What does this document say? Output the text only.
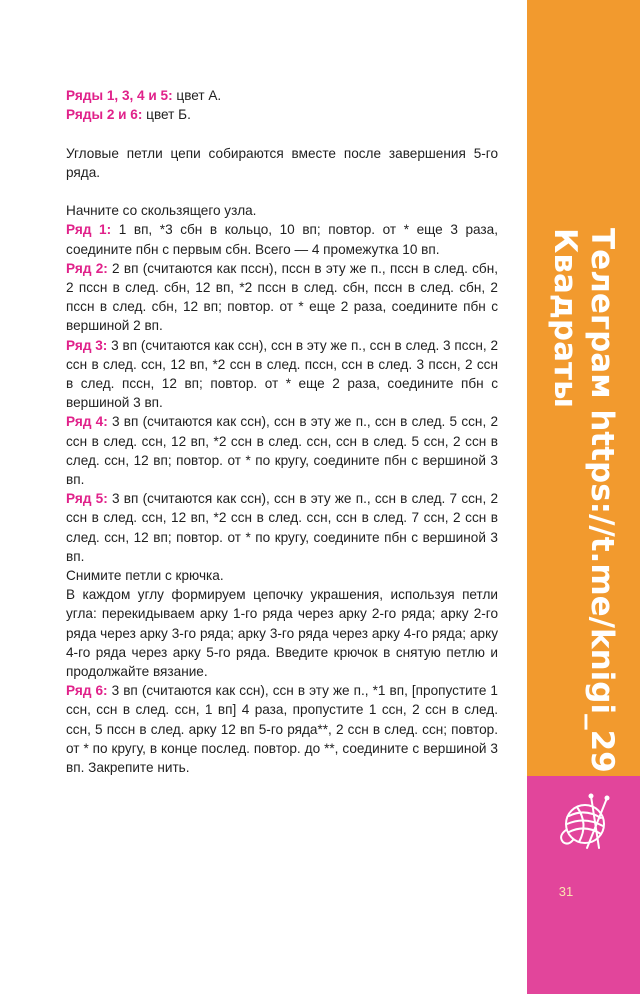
Ряды 1, 3, 4 и 5: цвет А.

Ряды 2 и 6: цвет Б.

Угловые петли цепи собираются вместе после завершения 5-го ряда.

Начните со скользящего узла.

Ряд 1: 1 вп, *3 сбн в кольцо, 10 вп; повтор. от * еще 3 раза, соедините пбн с первым сбн. Всего — 4 промежутка 10 вп.

Ряд 2: 2 вп (считаются как пссн), пссн в эту же п., пссн в след. сбн, 2 пссн в след. сбн, 12 вп, *2 пссн в след. сбн, пссн в след. сбн, 2 пссн в след. сбн, 12 вп; повтор. от * еще 2 раза, соедините пбн с вершиной 2 вп.

Ряд 3: 3 вп (считаются как ссн), ссн в эту же п., ссн в след. 3 пссн, 2 ссн в след. ссн, 12 вп, *2 ссн в след. пссн, ссн в след. 3 пссн, 2 ссн в след. пссн, 12 вп; повтор. от * еще 2 раза, соедините пбн с вершиной 3 вп.

Ряд 4: 3 вп (считаются как ссн), ссн в эту же п., ссн в след. 5 ссн, 2 ссн в след. ссн, 12 вп, *2 ссн в след. ссн, ссн в след. 5 ссн, 2 ссн в след. ссн, 12 вп; повтор. от * по кругу, соедините пбн с вершиной 3 вп.

Ряд 5: 3 вп (считаются как ссн), ссн в эту же п., ссн в след. 7 ссн, 2 ссн в след. ссн, 12 вп, *2 ссн в след. ссн, ссн в след. 7 ссн, 2 ссн в след. ссн, 12 вп; повтор. от * по кругу, соедините пбн с вершиной 3 вп.

Снимите петли с крючка.

В каждом углу формируем цепочку украшения, используя петли угла: перекидываем арку 1-го ряда через арку 2-го ряда; арку 2-го ряда через арку 3-го ряда; арку 3-го ряда через арку 4-го ряда; арку 4-го ряда через арку 5-го ряда. Введите крючок в снятую петлю и продолжайте вязание.

Ряд 6: 3 вп (считаются как ссн), ссн в эту же п., *1 вп, [пропустите 1 ссн, ссн в след. ссн, 1 вп] 4 раза, пропустите 1 ссн, 2 ссн в след. ссн, 5 пссн в след. арку 12 вп 5-го ряда**, 2 ссн в след. ссн; повтор. от * по кругу, в конце послед. повтор. до **, соедините с вершиной 3 вп. Закрепите нить.	Телеграм https://t.me/knigi_29
Квадраты
31
